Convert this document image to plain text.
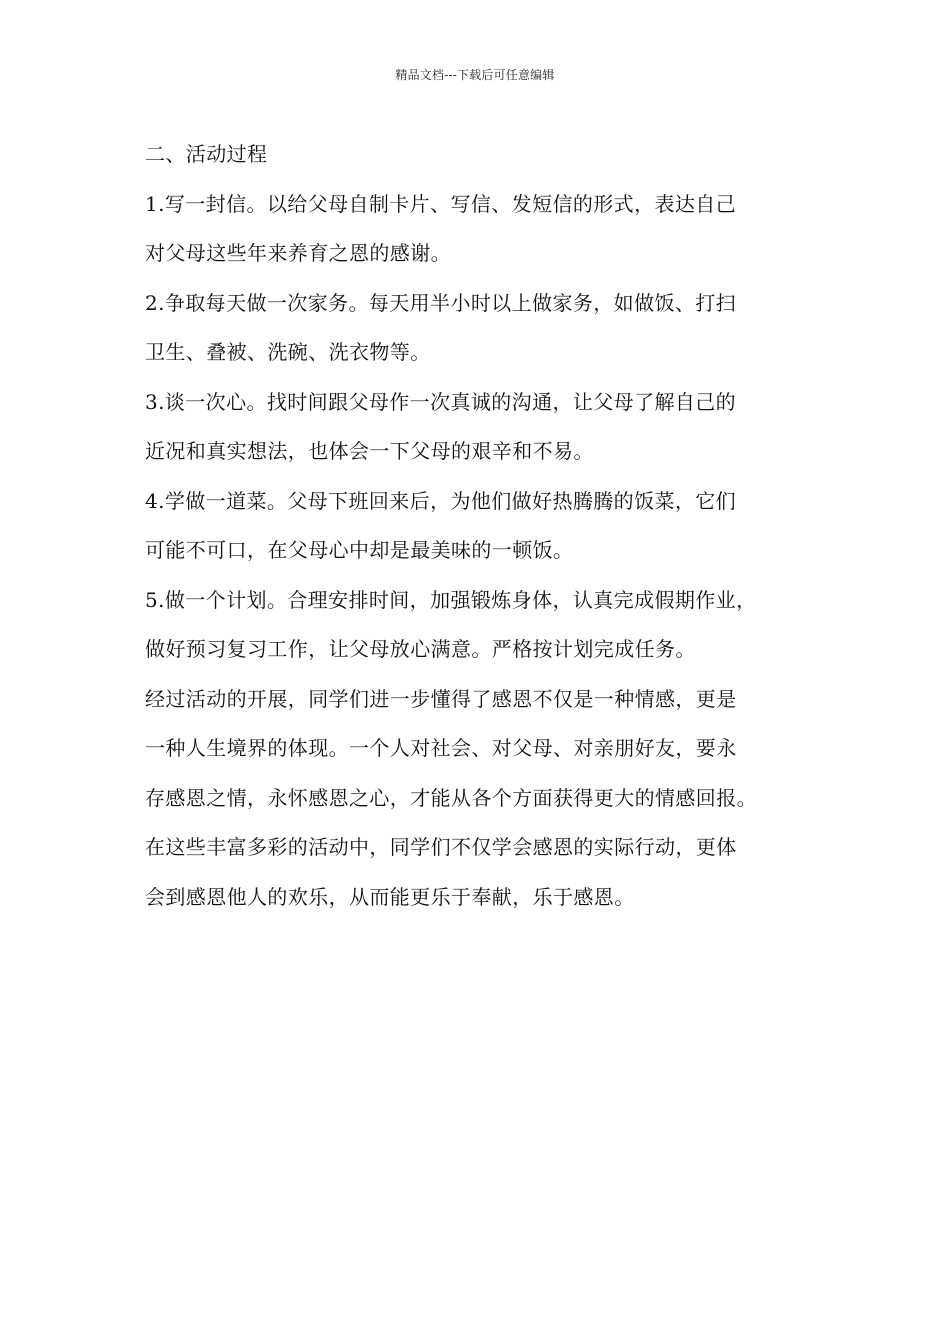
精品文档---下载后可任意编辑
二、活动过程
1.写一封信。以给父母自制卡片、写信、发短信的形式，表达自己
对父母这些年来养育之恩的感谢。
2.争取每天做一次家务。每天用半小时以上做家务，如做饭、打扫
卫生、叠被、洗碗、洗衣物等。
3.谈一次心。找时间跟父母作一次真诚的沟通，让父母了解自己的
近况和真实想法，也体会一下父母的艰辛和不易。
4.学做一道菜。父母下班回来后，为他们做好热腾腾的饭菜，它们
可能不可口，在父母心中却是最美味的一顿饭。
5.做一个计划。合理安排时间，加强锻炼身体，认真完成假期作业，
做好预习复习工作，让父母放心满意。严格按计划完成任务。
经过活动的开展，同学们进一步懂得了感恩不仅是一种情感，更是
一种人生境界的体现。一个人对社会、对父母、对亲朋好友，要永
存感恩之情，永怀感恩之心，才能从各个方面获得更大的情感回报。
在这些丰富多彩的活动中，同学们不仅学会感恩的实际行动，更体
会到感恩他人的欢乐，从而能更乐于奉献，乐于感恩。
